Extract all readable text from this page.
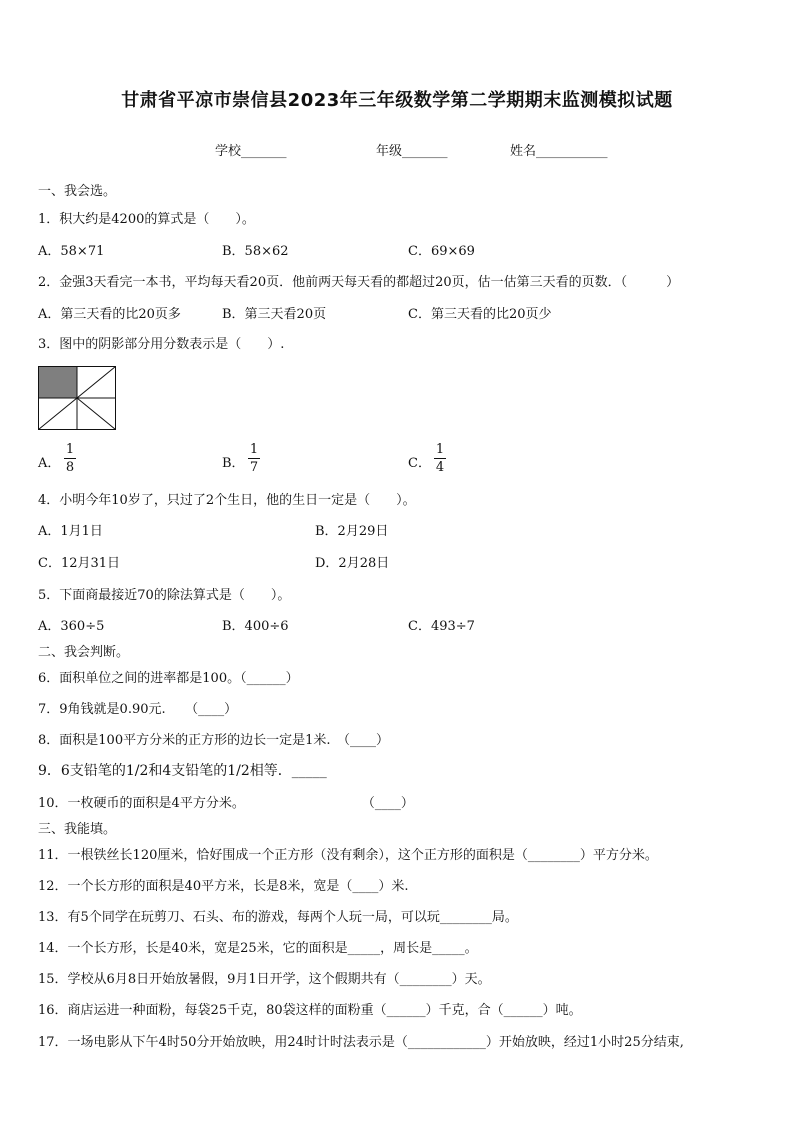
甘肃省平凉市崇信县2023年三年级数学第二学期期末监测模拟试题
学校_______	年级_______	姓名___________
一、我会选。
1．积大约是4200的算式是（　　）。
A．58×71	B．58×62	C．69×69
2．金强3天看完一本书，平均每天看20页．他前两天每天看的都超过20页，估一估第三天看的页数．（　　　）
A．第三天看的比20页多	B．第三天看20页	C．第三天看的比20页少
3．图中的阴影部分用分数表示是（　　）.
A．
1
8	B．
1
7	C．
1
4
4．小明今年10岁了，只过了2个生日，他的生日一定是（　　）。
A．1月1日	B．2月29日
C．12月31日	D．2月28日
5．下面商最接近70的除法算式是（　　）。
A．360÷5	B．400÷6	C．493÷7
二、我会判断。
6．面积单位之间的进率都是100。（______）
7．9角钱就是0.90元.　　（____）
8．面积是100平方分米的正方形的边长一定是1米.　（____）
9．6支铅笔的1/2和4支铅笔的1/2相等．_____
10．一枚硬币的面积是4平方分米。　　　　　　　　　　（____）
三、我能填。
11．一根铁丝长120厘米，恰好围成一个正方形（没有剩余），这个正方形的面积是（________）平方分米。
12．一个长方形的面积是40平方米，长是8米，宽是（____）米.
13．有5个同学在玩剪刀、石头、布的游戏，每两个人玩一局，可以玩________局。
14．一个长方形，长是40米，宽是25米，它的面积是_____，周长是_____。
15．学校从6月8日开始放暑假，9月1日开学，这个假期共有（________）天。
16．商店运进一种面粉，每袋25千克，80袋这样的面粉重（______）千克，合（______）吨。
17．一场电影从下午4时50分开始放映，用24时计时法表示是（____________）开始放映，经过1小时25分结束,
